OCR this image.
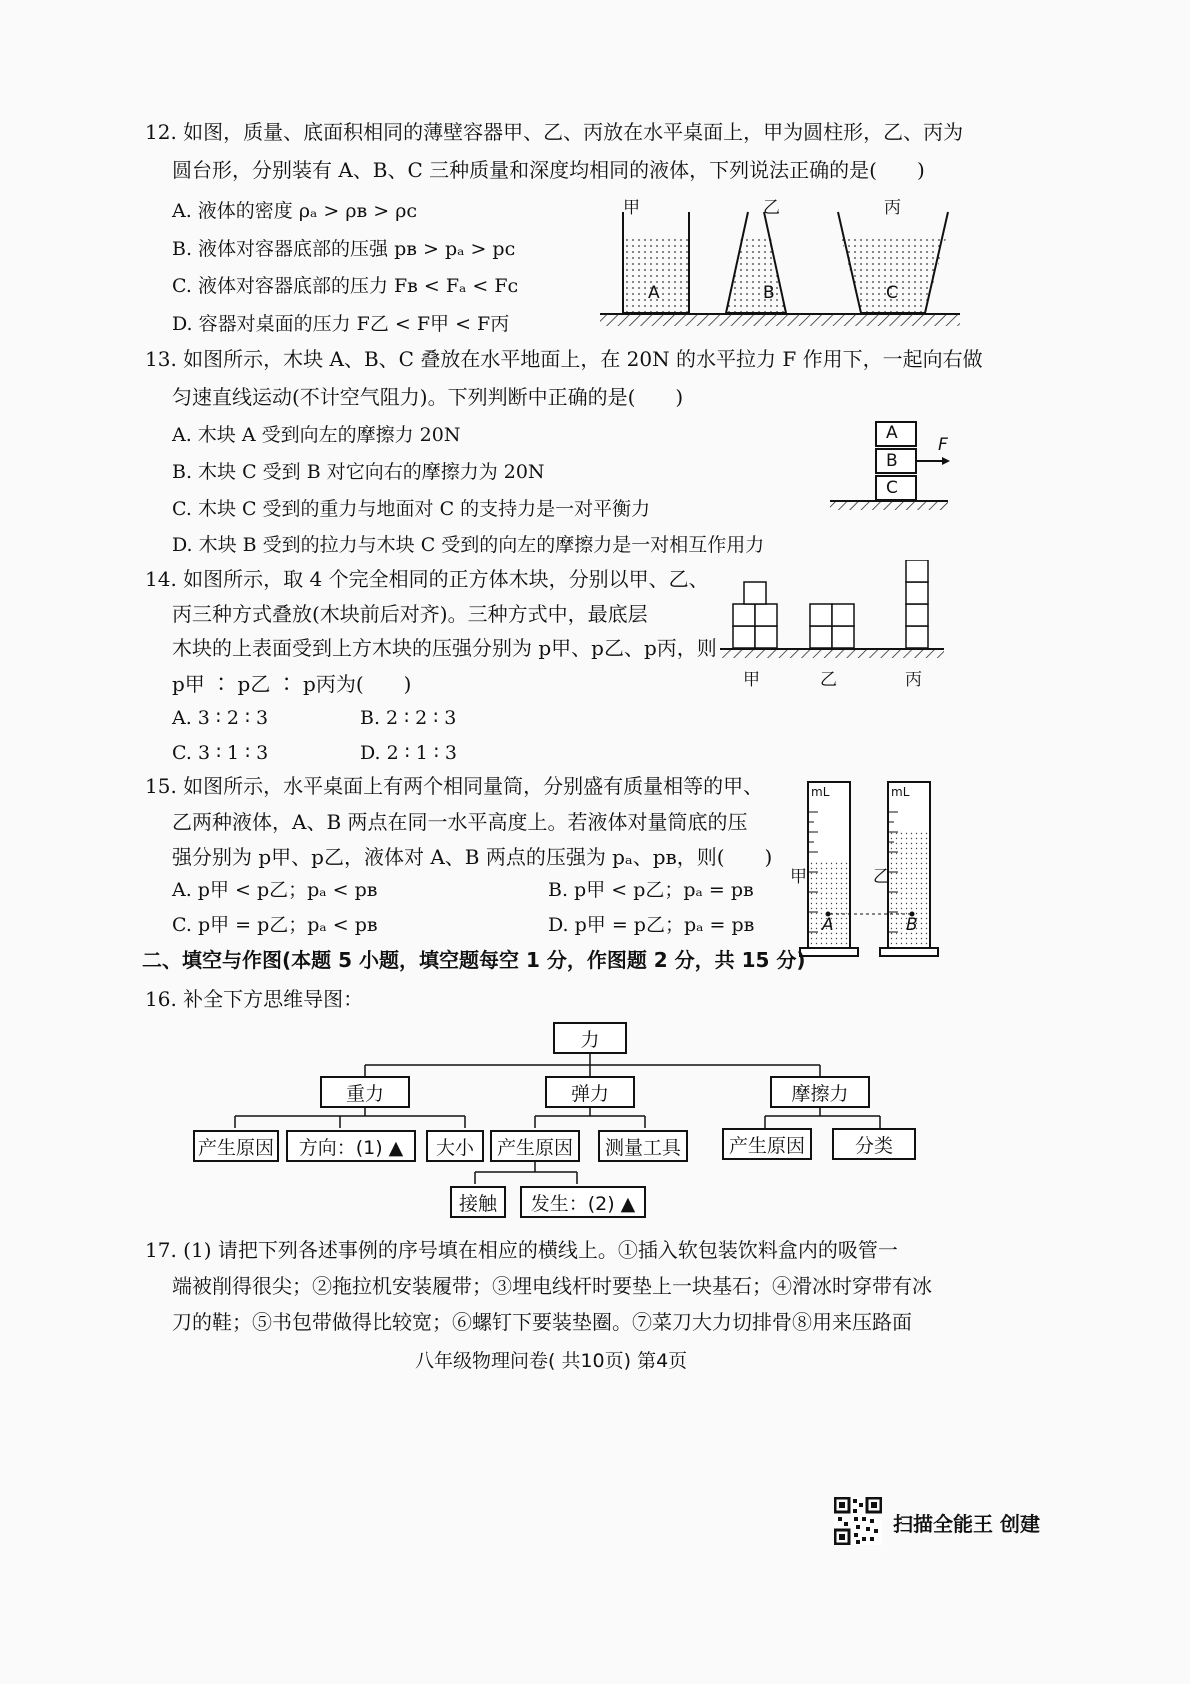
12. 如图，质量、底面积相同的薄壁容器甲、乙、丙放在水平桌面上，甲为圆柱形，乙、丙为
圆台形，分别装有 A、B、C 三种质量和深度均相同的液体，下列说法正确的是(　　)
A. 液体的密度 ρₐ > ρʙ > ρᴄ
B. 液体对容器底部的压强 pʙ > pₐ > pᴄ
C. 液体对容器底部的压力 Fʙ < Fₐ < Fᴄ
D. 容器对桌面的压力 F乙 < F甲 < F丙
甲	乙	丙
A	B	C
13. 如图所示，木块 A、B、C 叠放在水平地面上，在 20N 的水平拉力 F 作用下，一起向右做
匀速直线运动(不计空气阻力)。下列判断中正确的是(　　)
A. 木块 A 受到向左的摩擦力 20N
B. 木块 C 受到 B 对它向右的摩擦力为 20N
C. 木块 C 受到的重力与地面对 C 的支持力是一对平衡力
D. 木块 B 受到的拉力与木块 C 受到的向左的摩擦力是一对相互作用力
A
B
C
F
14. 如图所示，取 4 个完全相同的正方体木块，分别以甲、乙、
丙三种方式叠放(木块前后对齐)。三种方式中，最底层
木块的上表面受到上方木块的压强分别为 p甲、p乙、p丙，则
p甲 ∶ p乙 ∶ p丙为(　　)
A. 3 ∶ 2 ∶ 3	B. 2 ∶ 2 ∶ 3
C. 3 ∶ 1 ∶ 3	D. 2 ∶ 1 ∶ 3
甲	乙	丙
15. 如图所示，水平桌面上有两个相同量筒，分别盛有质量相等的甲、
乙两种液体，A、B 两点在同一水平高度上。若液体对量筒底的压
强分别为 p甲、p乙，液体对 A、B 两点的压强为 pₐ、pʙ，则(　　)
A. p甲 < p乙；pₐ < pʙ	B. p甲 < p乙；pₐ = pʙ
C. p甲 = p乙；pₐ < pʙ	D. p甲 = p乙；pₐ = pʙ
mL	mL
甲	乙
A	B
二、填空与作图(本题 5 小题，填空题每空 1 分，作图题 2 分，共 15 分)
16. 补全下方思维导图：
力
重力	弹力	摩擦力
产生原因	方向：(1) ▲	大小	产生原因	测量工具	产生原因	分类
接触	发生：(2) ▲
17. (1) 请把下列各述事例的序号填在相应的横线上。①插入软包装饮料盒内的吸管一
端被削得很尖；②拖拉机安装履带；③埋电线杆时要垫上一块基石；④滑冰时穿带有冰
刀的鞋；⑤书包带做得比较宽；⑥螺钉下要装垫圈。⑦菜刀大力切排骨⑧用来压路面
八年级物理问卷( 共10页) 第4页
扫描全能王 创建
